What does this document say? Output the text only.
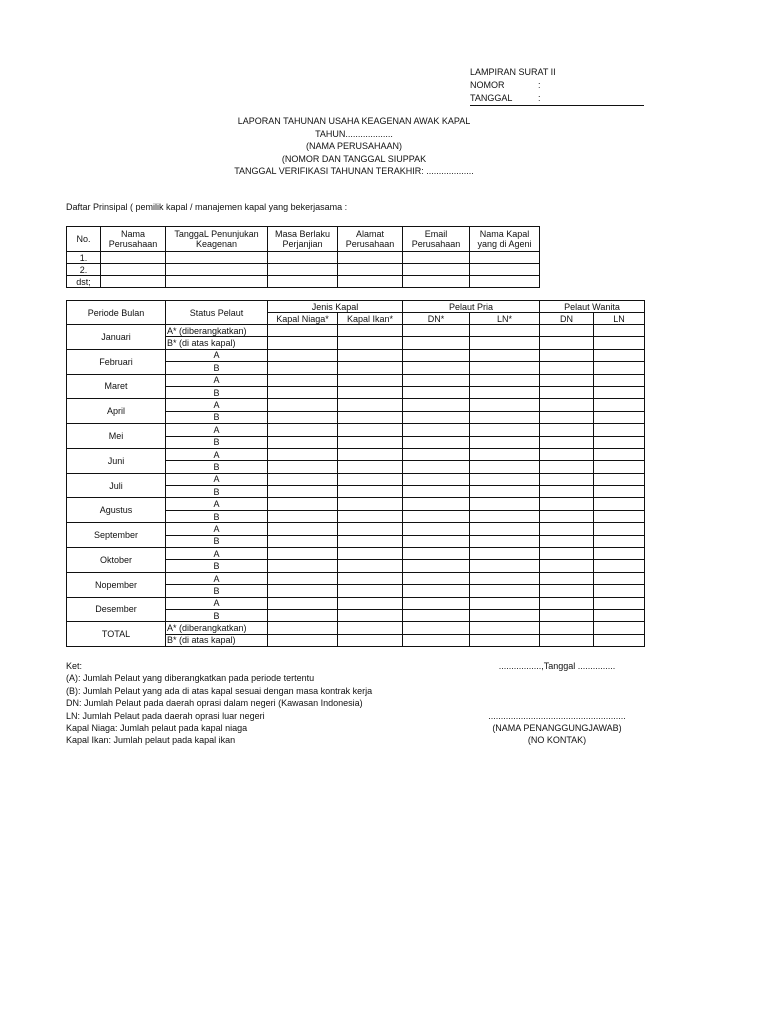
LAMPIRAN SURAT II
NOMOR	:
TANGGAL	:
LAPORAN TAHUNAN USAHA KEAGENAN AWAK KAPAL
TAHUN...................
(NAMA PERUSAHAAN)
(NOMOR DAN TANGGAL SIUPPAK
TANGGAL VERIFIKASI TAHUNAN TERAKHIR: ...................
Daftar Prinsipal ( pemilik kapal / manajemen kapal yang bekerjasama :
No.	Nama Perusahaan	TanggaL Penunjukan Keagenan	Masa Berlaku Perjanjian	Alamat Perusahaan	Email Perusahaan	Nama Kapal yang di Ageni
1.						
2.						
dst;						
Periode Bulan	Status Pelaut	Jenis Kapal		Pelaut Pria		Pelaut Wanita	
		Kapal Niaga*	Kapal Ikan*	DN*	LN*	DN	LN
Januari	A* (diberangkatkan)						
	B* (di atas kapal)						
Februari	A						
	B						
Maret	A						
	B						
April	A						
	B						
Mei	A						
	B						
Juni	A						
	B						
Juli	A						
	B						
Agustus	A						
	B						
September	A						
	B						
Oktober	A						
	B						
Nopember	A						
	B						
Desember	A						
	B						
TOTAL	A* (diberangkatkan)						
	B* (di atas kapal)						
Ket:
(A): Jumlah Pelaut yang diberangkatkan pada periode tertentu
(B): Jumlah Pelaut yang ada di atas kapal sesuai dengan masa kontrak kerja
DN: Jumlah Pelaut pada daerah oprasi dalam negeri (Kawasan Indonesia)
LN: Jumlah Pelaut pada daerah oprasi luar negeri
Kapal Niaga: Jumlah pelaut pada kapal niaga
Kapal Ikan: Jumlah pelaut pada kapal ikan
.................,Tanggal ...............

.......................................................
(NAMA PENANGGUNGJAWAB)
(NO KONTAK)
